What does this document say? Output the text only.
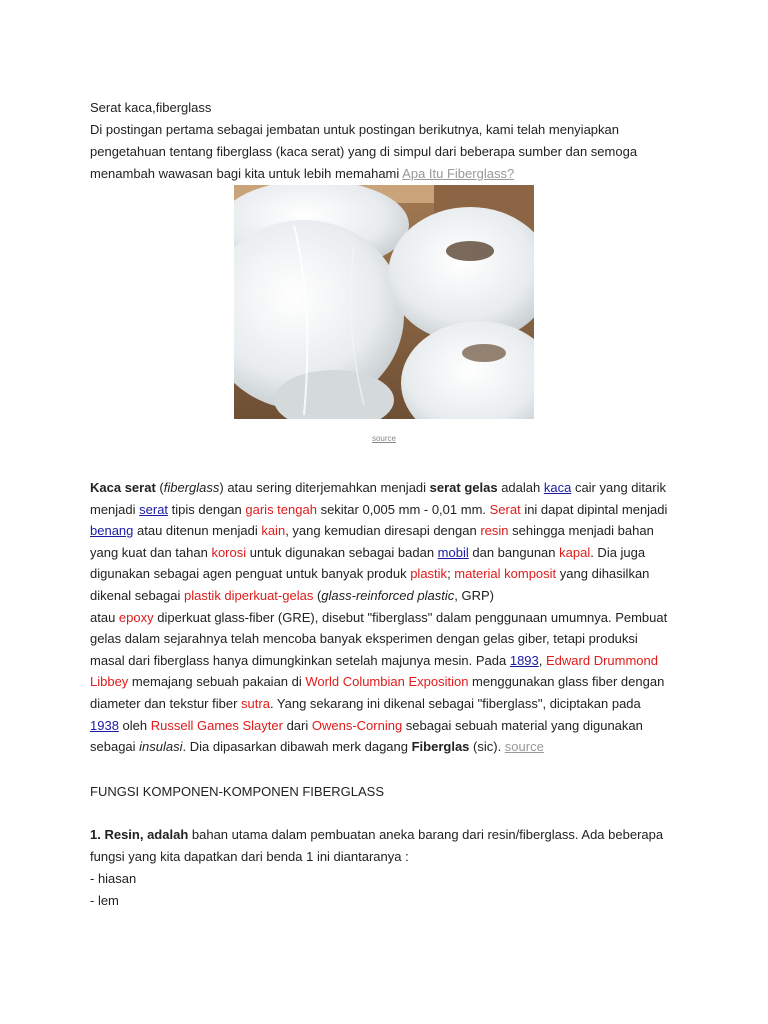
Serat kaca,fiberglass

Di postingan pertama sebagai jembatan untuk postingan berikutnya, kami telah menyiapkan

pengetahuan tentang fiberglass (kaca serat) yang di simpul dari beberapa sumber dan semoga

menambah wawasan bagi kita untuk lebih memahami Apa Itu Fiberglass?

source

Kaca serat (fiberglass) atau sering diterjemahkan menjadi serat gelas adalah kaca cair yang ditarik menjadi serat tipis dengan garis tengah sekitar 0,005 mm - 0,01 mm. Serat ini dapat dipintal menjadi benang atau ditenun menjadi kain, yang kemudian diresapi dengan resin sehingga menjadi bahan yang kuat dan tahan korosi untuk digunakan sebagai badan mobil dan bangunan kapal. Dia juga digunakan sebagai agen penguat untuk banyak produk plastik; material komposit yang dihasilkan dikenal sebagai plastik diperkuat-gelas (glass-reinforced plastic, GRP)

atau epoxy diperkuat glass-fiber (GRE), disebut "fiberglass" dalam penggunaan umumnya. Pembuat gelas dalam sejarahnya telah mencoba banyak eksperimen dengan gelas giber, tetapi produksi masal dari fiberglass hanya dimungkinkan setelah majunya mesin. Pada 1893, Edward Drummond Libbey memajang sebuah pakaian di World Columbian Exposition menggunakan glass fiber dengan diameter dan tekstur fiber sutra. Yang sekarang ini dikenal sebagai "fiberglass", diciptakan pada 1938 oleh Russell Games Slayter dari Owens-Corning sebagai sebuah material yang digunakan sebagai insulasi. Dia dipasarkan dibawah merk dagang Fiberglas (sic). source

FUNGSI KOMPONEN-KOMPONEN FIBERGLASS

1. Resin, adalah bahan utama dalam pembuatan aneka barang dari resin/fiberglass. Ada beberapa fungsi yang kita dapatkan dari benda 1 ini diantaranya :

- hiasan

- lem
